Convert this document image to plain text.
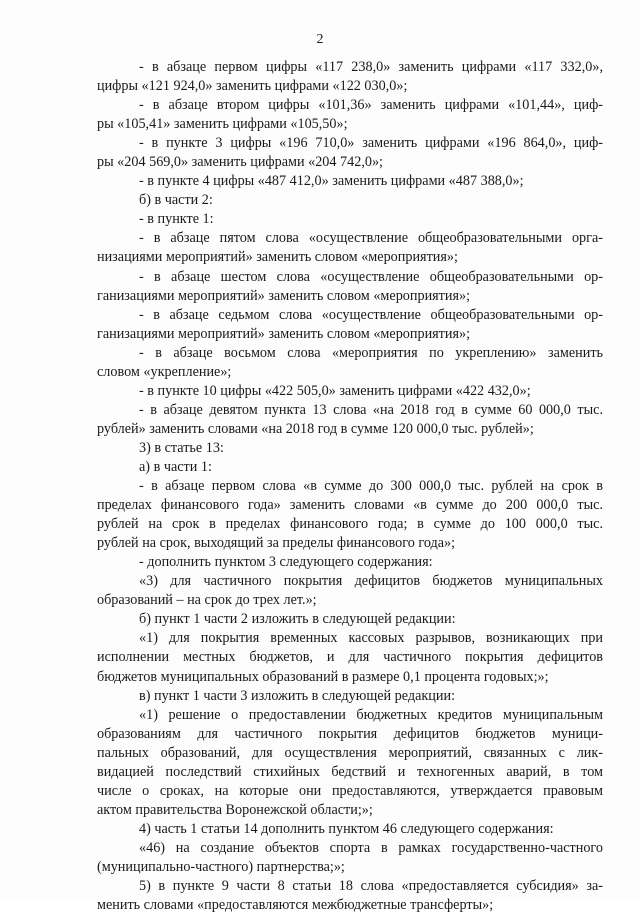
2
- в абзаце первом цифры «117 238,0» заменить цифрами «117 332,0»,
цифры «121 924,0» заменить цифрами «122 030,0»;
- в абзаце втором цифры «101,36» заменить цифрами «101,44», циф-
ры «105,41» заменить цифрами «105,50»;
- в пункте 3 цифры «196 710,0» заменить цифрами «196 864,0», циф-
ры «204 569,0» заменить цифрами «204 742,0»;
- в пункте 4 цифры «487 412,0» заменить цифрами «487 388,0»;
б) в части 2:
- в пункте 1:
- в абзаце пятом слова «осуществление общеобразовательными орга-
низациями мероприятий» заменить словом «мероприятия»;
- в абзаце шестом слова «осуществление общеобразовательными ор-
ганизациями мероприятий» заменить словом «мероприятия»;
- в абзаце седьмом слова «осуществление общеобразовательными ор-
ганизациями мероприятий» заменить словом «мероприятия»;
- в абзаце восьмом слова «мероприятия по укреплению» заменить
словом «укрепление»;
- в пункте 10 цифры «422 505,0» заменить цифрами «422 432,0»;
- в абзаце девятом пункта 13 слова «на 2018 год в сумме 60 000,0 тыс.
рублей» заменить словами «на 2018 год в сумме 120 000,0 тыс. рублей»;
3) в статье 13:
а) в части 1:
- в абзаце первом слова «в сумме до 300 000,0 тыс. рублей на срок в
пределах финансового года» заменить словами «в сумме до 200 000,0 тыс.
рублей на срок в пределах финансового года; в сумме до 100 000,0 тыс.
рублей на срок, выходящий за пределы финансового года»;
- дополнить пунктом 3 следующего содержания:
«3) для частичного покрытия дефицитов бюджетов муниципальных
образований – на срок до трех лет.»;
б) пункт 1 части 2 изложить в следующей редакции:
«1) для покрытия временных кассовых разрывов, возникающих при
исполнении местных бюджетов, и для частичного покрытия дефицитов
бюджетов муниципальных образований в размере 0,1 процента годовых;»;
в) пункт 1 части 3 изложить в следующей редакции:
«1) решение о предоставлении бюджетных кредитов муниципальным
образованиям для частичного покрытия дефицитов бюджетов муници-
пальных образований, для осуществления мероприятий, связанных с лик-
видацией последствий стихийных бедствий и техногенных аварий, в том
числе о сроках, на которые они предоставляются, утверждается правовым
актом правительства Воронежской области;»;
4) часть 1 статьи 14 дополнить пунктом 46 следующего содержания:
«46) на создание объектов спорта в рамках государственно-частного
(муниципально-частного) партнерства;»;
5) в пункте 9 части 8 статьи 18 слова «предоставляется субсидия» за-
менить словами «предоставляются межбюджетные трансферты»;
